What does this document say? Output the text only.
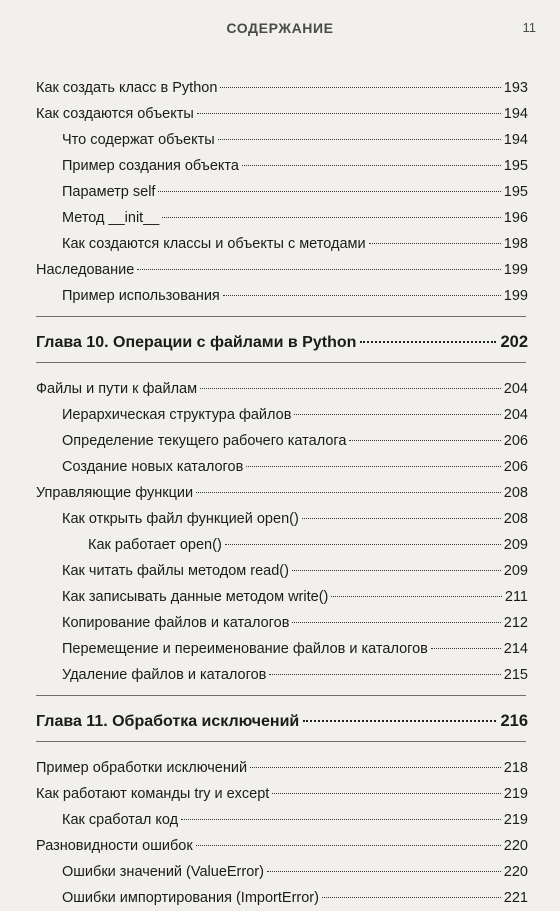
СОДЕРЖАНИЕ	11
Как создать класс в Python	193
Как создаются объекты	194
Что содержат объекты	194
Пример создания объекта	195
Параметр self	195
Метод __init__	196
Как создаются классы и объекты с методами	198
Наследование	199
Пример использования	199
Глава 10. Операции с файлами в Python	202
Файлы и пути к файлам	204
Иерархическая структура файлов	204
Определение текущего рабочего каталога	206
Создание новых каталогов	206
Управляющие функции	208
Как открыть файл функцией open()	208
Как работает open()	209
Как читать файлы методом read()	209
Как записывать данные методом write()	211
Копирование файлов и каталогов	212
Перемещение и переименование файлов и каталогов	214
Удаление файлов и каталогов	215
Глава 11. Обработка исключений	216
Пример обработки исключений	218
Как работают команды try и except	219
Как сработал код	219
Разновидности ошибок	220
Ошибки значений (ValueError)	220
Ошибки импортирования (ImportError)	221
